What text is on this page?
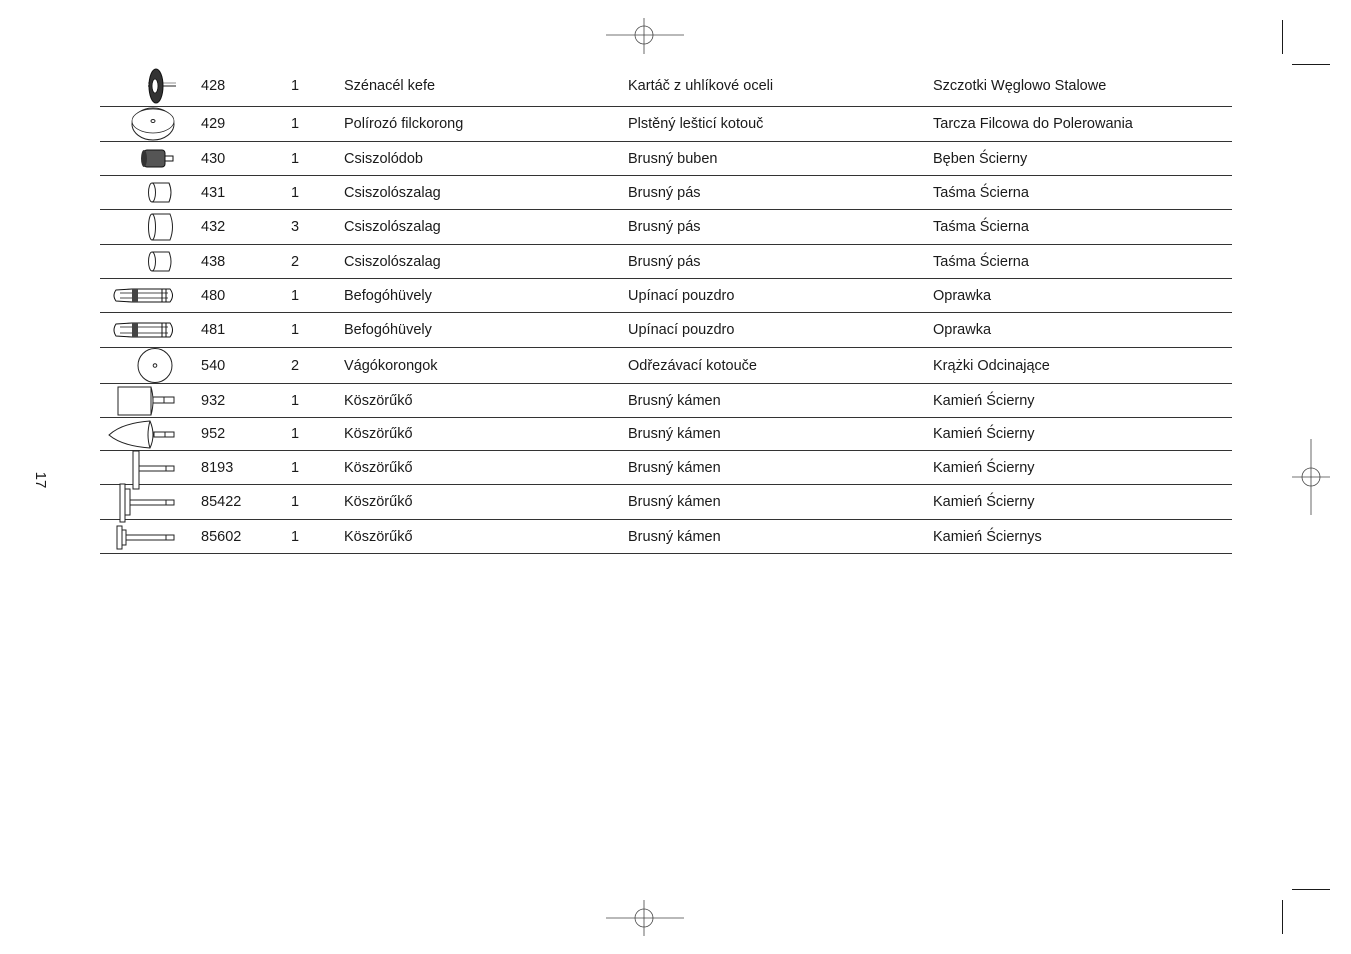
17
428	1	Szénacél kefe	Kartáč z uhlíkové oceli	Szczotki Węglowo Stalowe
429	1	Polírozó filckorong	Plstěný lešticí kotouč	Tarcza Filcowa do Polerowania
430	1	Csiszolódob	Brusný buben	Bęben Ścierny
431	1	Csiszolószalag	Brusný pás	Taśma Ścierna
432	3	Csiszolószalag	Brusný pás	Taśma Ścierna
438	2	Csiszolószalag	Brusný pás	Taśma Ścierna
480	1	Befogóhüvely	Upínací pouzdro	Oprawka
481	1	Befogóhüvely	Upínací pouzdro	Oprawka
540	2	Vágókorongok	Odřezávací kotouče	Krążki Odcinające
932	1	Köszörűkő	Brusný kámen	Kamień Ścierny
952	1	Köszörűkő	Brusný kámen	Kamień Ścierny
8193	1	Köszörűkő	Brusný kámen	Kamień Ścierny
85422	1	Köszörűkő	Brusný kámen	Kamień Ścierny
85602	1	Köszörűkő	Brusný kámen	Kamień Ściernys
